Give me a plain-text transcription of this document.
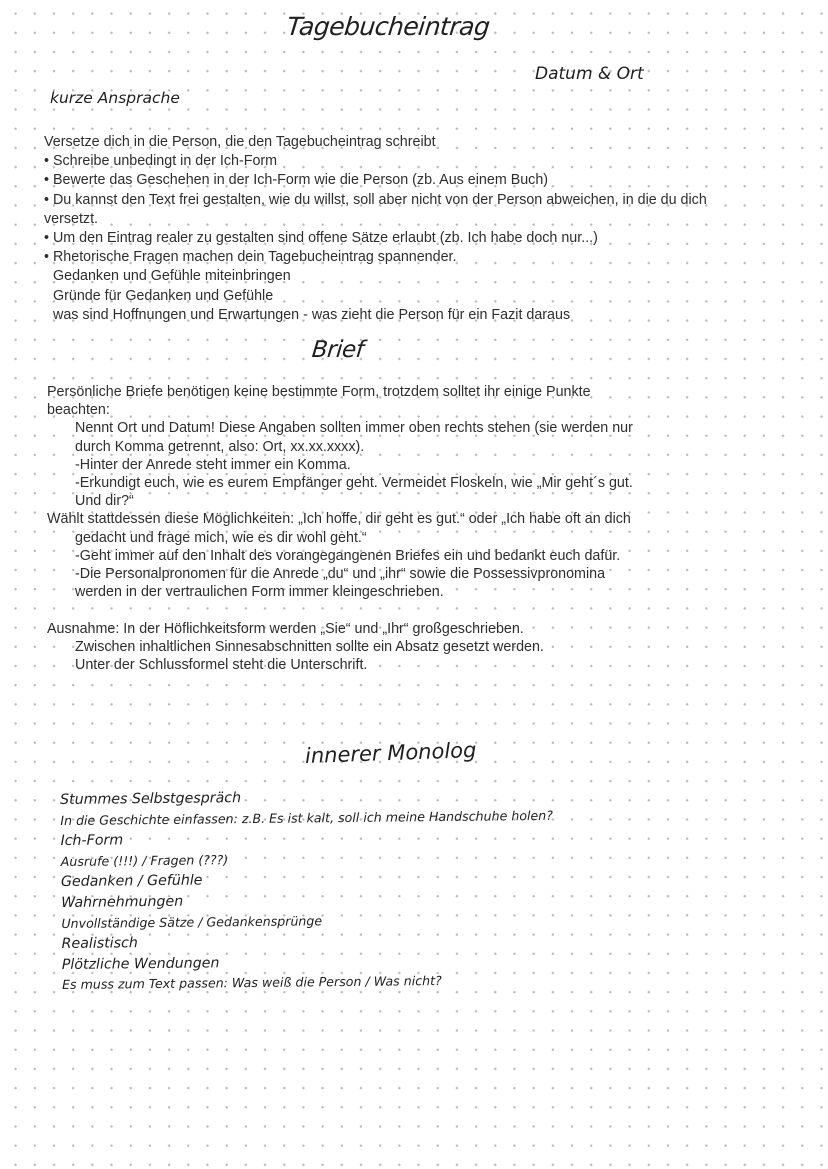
Tagebucheintrag
Datum & Ort
kurze Ansprache
Versetze dich in die Person, die den Tagebucheintrag schreibt
• Schreibe unbedingt in der Ich-Form
• Bewerte das Geschehen in der Ich-Form wie die Person (zb. Aus einem Buch)
• Du kannst den Text frei gestalten, wie du willst, soll aber nicht von der Person abweichen, in die du dich
versetzt.
• Um den Eintrag realer zu gestalten sind offene Sätze erlaubt (zb. Ich habe doch nur...)
• Rhetorische Fragen machen dein Tagebucheintrag spannender.
Gedanken und Gefühle miteinbringen
Gründe für Gedanken und Gefühle
was sind Hoffnungen und Erwartungen - was zieht die Person für ein Fazit daraus
Brief
Persönliche Briefe benötigen keine bestimmte Form, trotzdem solltet ihr einige Punkte
beachten:
Nennt Ort und Datum! Diese Angaben sollten immer oben rechts stehen (sie werden nur
durch Komma getrennt, also: Ort, xx.xx.xxxx).
-Hinter der Anrede steht immer ein Komma.
-Erkundigt euch, wie es eurem Empfänger geht. Vermeidet Floskeln, wie „Mir geht´s gut.
Und dir?“
Wählt stattdessen diese Möglichkeiten: „Ich hoffe, dir geht es gut.“ oder „Ich habe oft an dich
gedacht und frage mich, wie es dir wohl geht.“
-Geht immer auf den Inhalt des vorangegangenen Briefes ein und bedankt euch dafür.
-Die Personalpronomen für die Anrede „du“ und „ihr“ sowie die Possessivpronomina
werden in der vertraulichen Form immer kleingeschrieben.
Ausnahme: In der Höflichkeitsform werden „Sie“ und „Ihr“ großgeschrieben.
Zwischen inhaltlichen Sinnesabschnitten sollte ein Absatz gesetzt werden.
Unter der Schlussformel steht die Unterschrift.
innerer Monolog
Stummes Selbstgespräch
In die Geschichte einfassen: z.B. Es ist kalt, soll ich meine Handschuhe holen?
Ich-Form
Ausrufe (!!!) / Fragen (???)
Gedanken / Gefühle
Wahrnehmungen
Unvollständige Sätze / Gedankensprünge
Realistisch
Plötzliche Wendungen
Es muss zum Text passen: Was weiß die Person / Was nicht?
